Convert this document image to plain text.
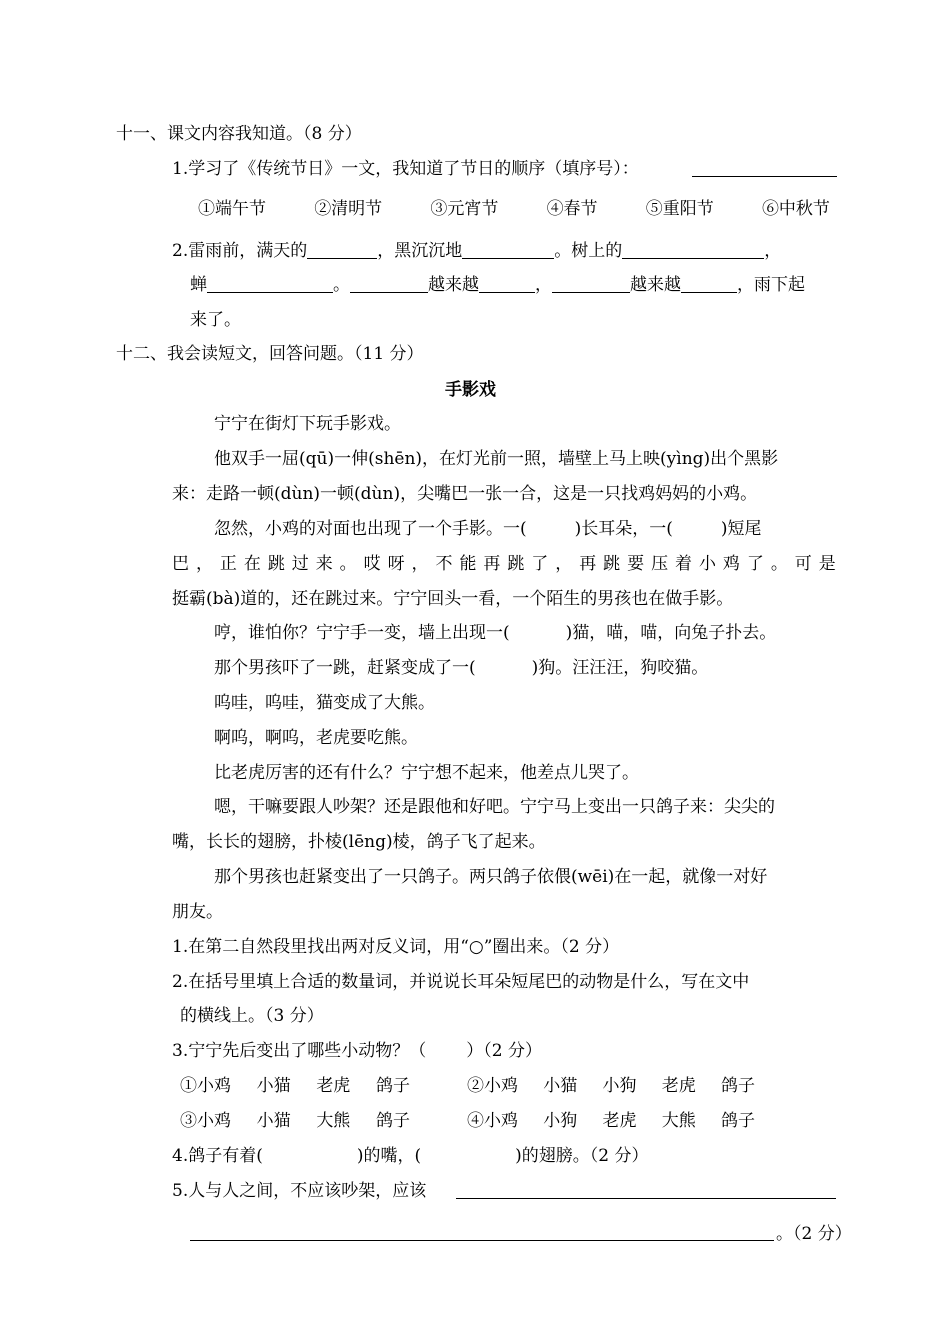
十一、课文内容我知道。（8 分）
1.学习了《传统节日》一文，我知道了节日的顺序（填序号）：
①端午节	②清明节	③元宵节	④春节	⑤重阳节	⑥中秋节
2.雷雨前，满天的	，黑沉沉地	。树上的	，
蝉	。	越来越	，	越来越	，雨下起
来了。
十二、我会读短文，回答问题。（11 分）
手影戏
宁宁在街灯下玩手影戏。
他双手一屈(qū)一伸(shēn)，在灯光前一照，墙壁上马上映(yìng)出个黑影
来：走路一顿(dùn)一顿(dùn)，尖嘴巴一张一合，这是一只找鸡妈妈的小鸡。
忽然，小鸡的对面也出现了一个手影。一(	)长耳朵，一(	)短尾
巴 ， 正 在 跳 过 来 。 哎 呀 ， 不 能 再 跳 了 ， 再 跳 要 压 着 小 鸡 了 。 可 是
挺霸(bà)道的，还在跳过来。宁宁回头一看，一个陌生的男孩也在做手影。
哼，谁怕你？宁宁手一变，墙上出现一(	)猫，喵，喵，向兔子扑去。
那个男孩吓了一跳，赶紧变成了一(	)狗。汪汪汪，狗咬猫。
呜哇，呜哇，猫变成了大熊。
啊呜，啊呜，老虎要吃熊。
比老虎厉害的还有什么？宁宁想不起来，他差点儿哭了。
嗯，干嘛要跟人吵架？还是跟他和好吧。宁宁马上变出一只鸽子来：尖尖的
嘴，长长的翅膀，扑棱(lēng)棱，鸽子飞了起来。
那个男孩也赶紧变出了一只鸽子。两只鸽子依偎(wēi)在一起，就像一对好
朋友。
1.在第二自然段里找出两对反义词，用“○”圈出来。（2 分）
2.在括号里填上合适的数量词，并说说长耳朵短尾巴的动物是什么，写在文中
的横线上。（3 分）
3.宁宁先后变出了哪些小动物？（ ）（2 分）
①小鸡 小猫 老虎 鸽子	②小鸡 小猫 小狗 老虎 鸽子
③小鸡 小猫 大熊 鸽子	④小鸡 小狗 老虎 大熊 鸽子
4.鸽子有着(	)的嘴，(	)的翅膀。（2 分）
5.人与人之间，不应该吵架，应该
。（2 分）
